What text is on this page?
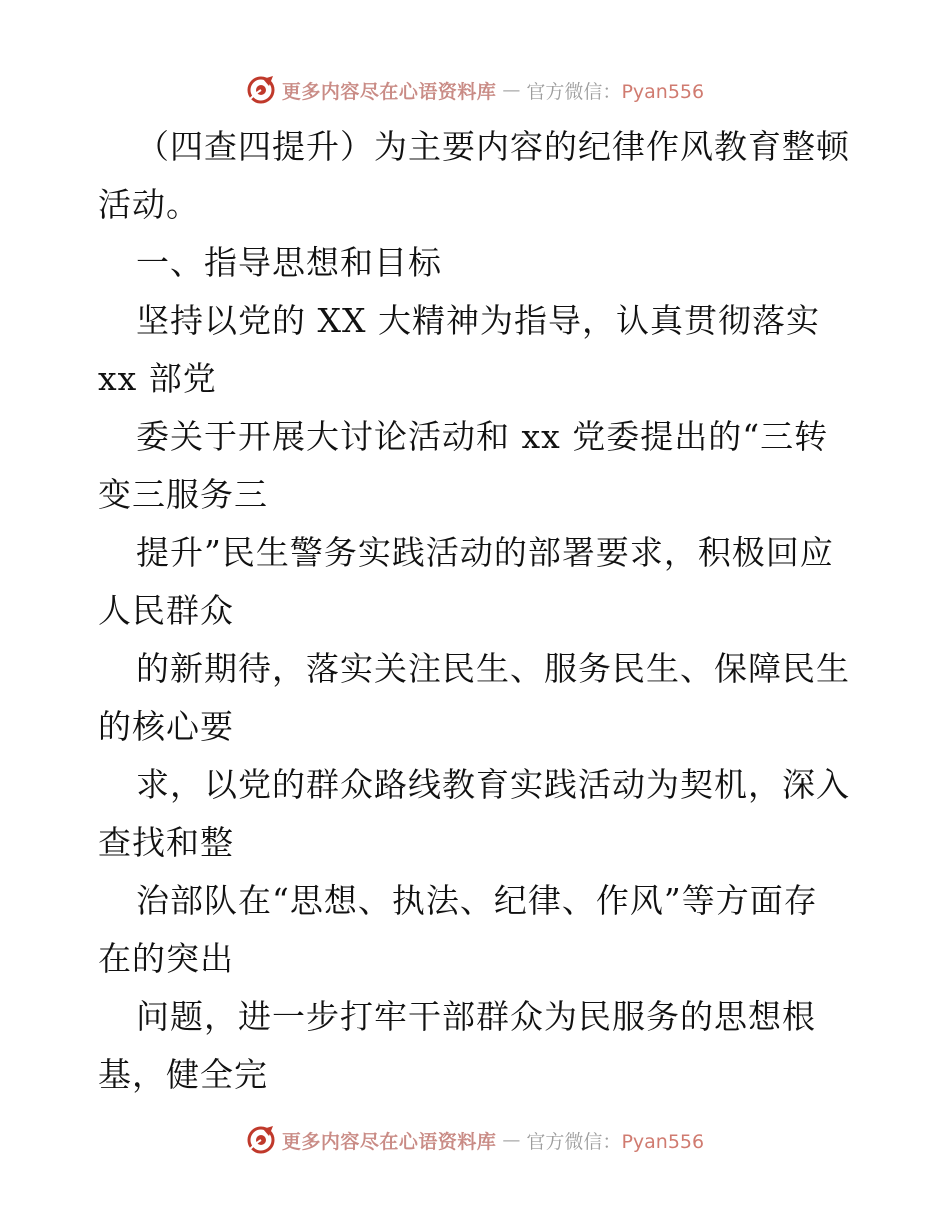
更多内容尽在心语资料库 — 官方微信：Pyan556
（四查四提升）为主要内容的纪律作风教育整顿
活动。
一、指导思想和目标
坚持以党的 XX 大精神为指导，认真贯彻落实
xx 部党
委关于开展大讨论活动和 xx 党委提出的“三转
变三服务三
提升”民生警务实践活动的部署要求，积极回应
人民群众
的新期待，落实关注民生、服务民生、保障民生
的核心要
求，以党的群众路线教育实践活动为契机，深入
查找和整
治部队在“思想、执法、纪律、作风”等方面存
在的突出
问题，进一步打牢干部群众为民服务的思想根
基，健全完
更多内容尽在心语资料库 — 官方微信：Pyan556
